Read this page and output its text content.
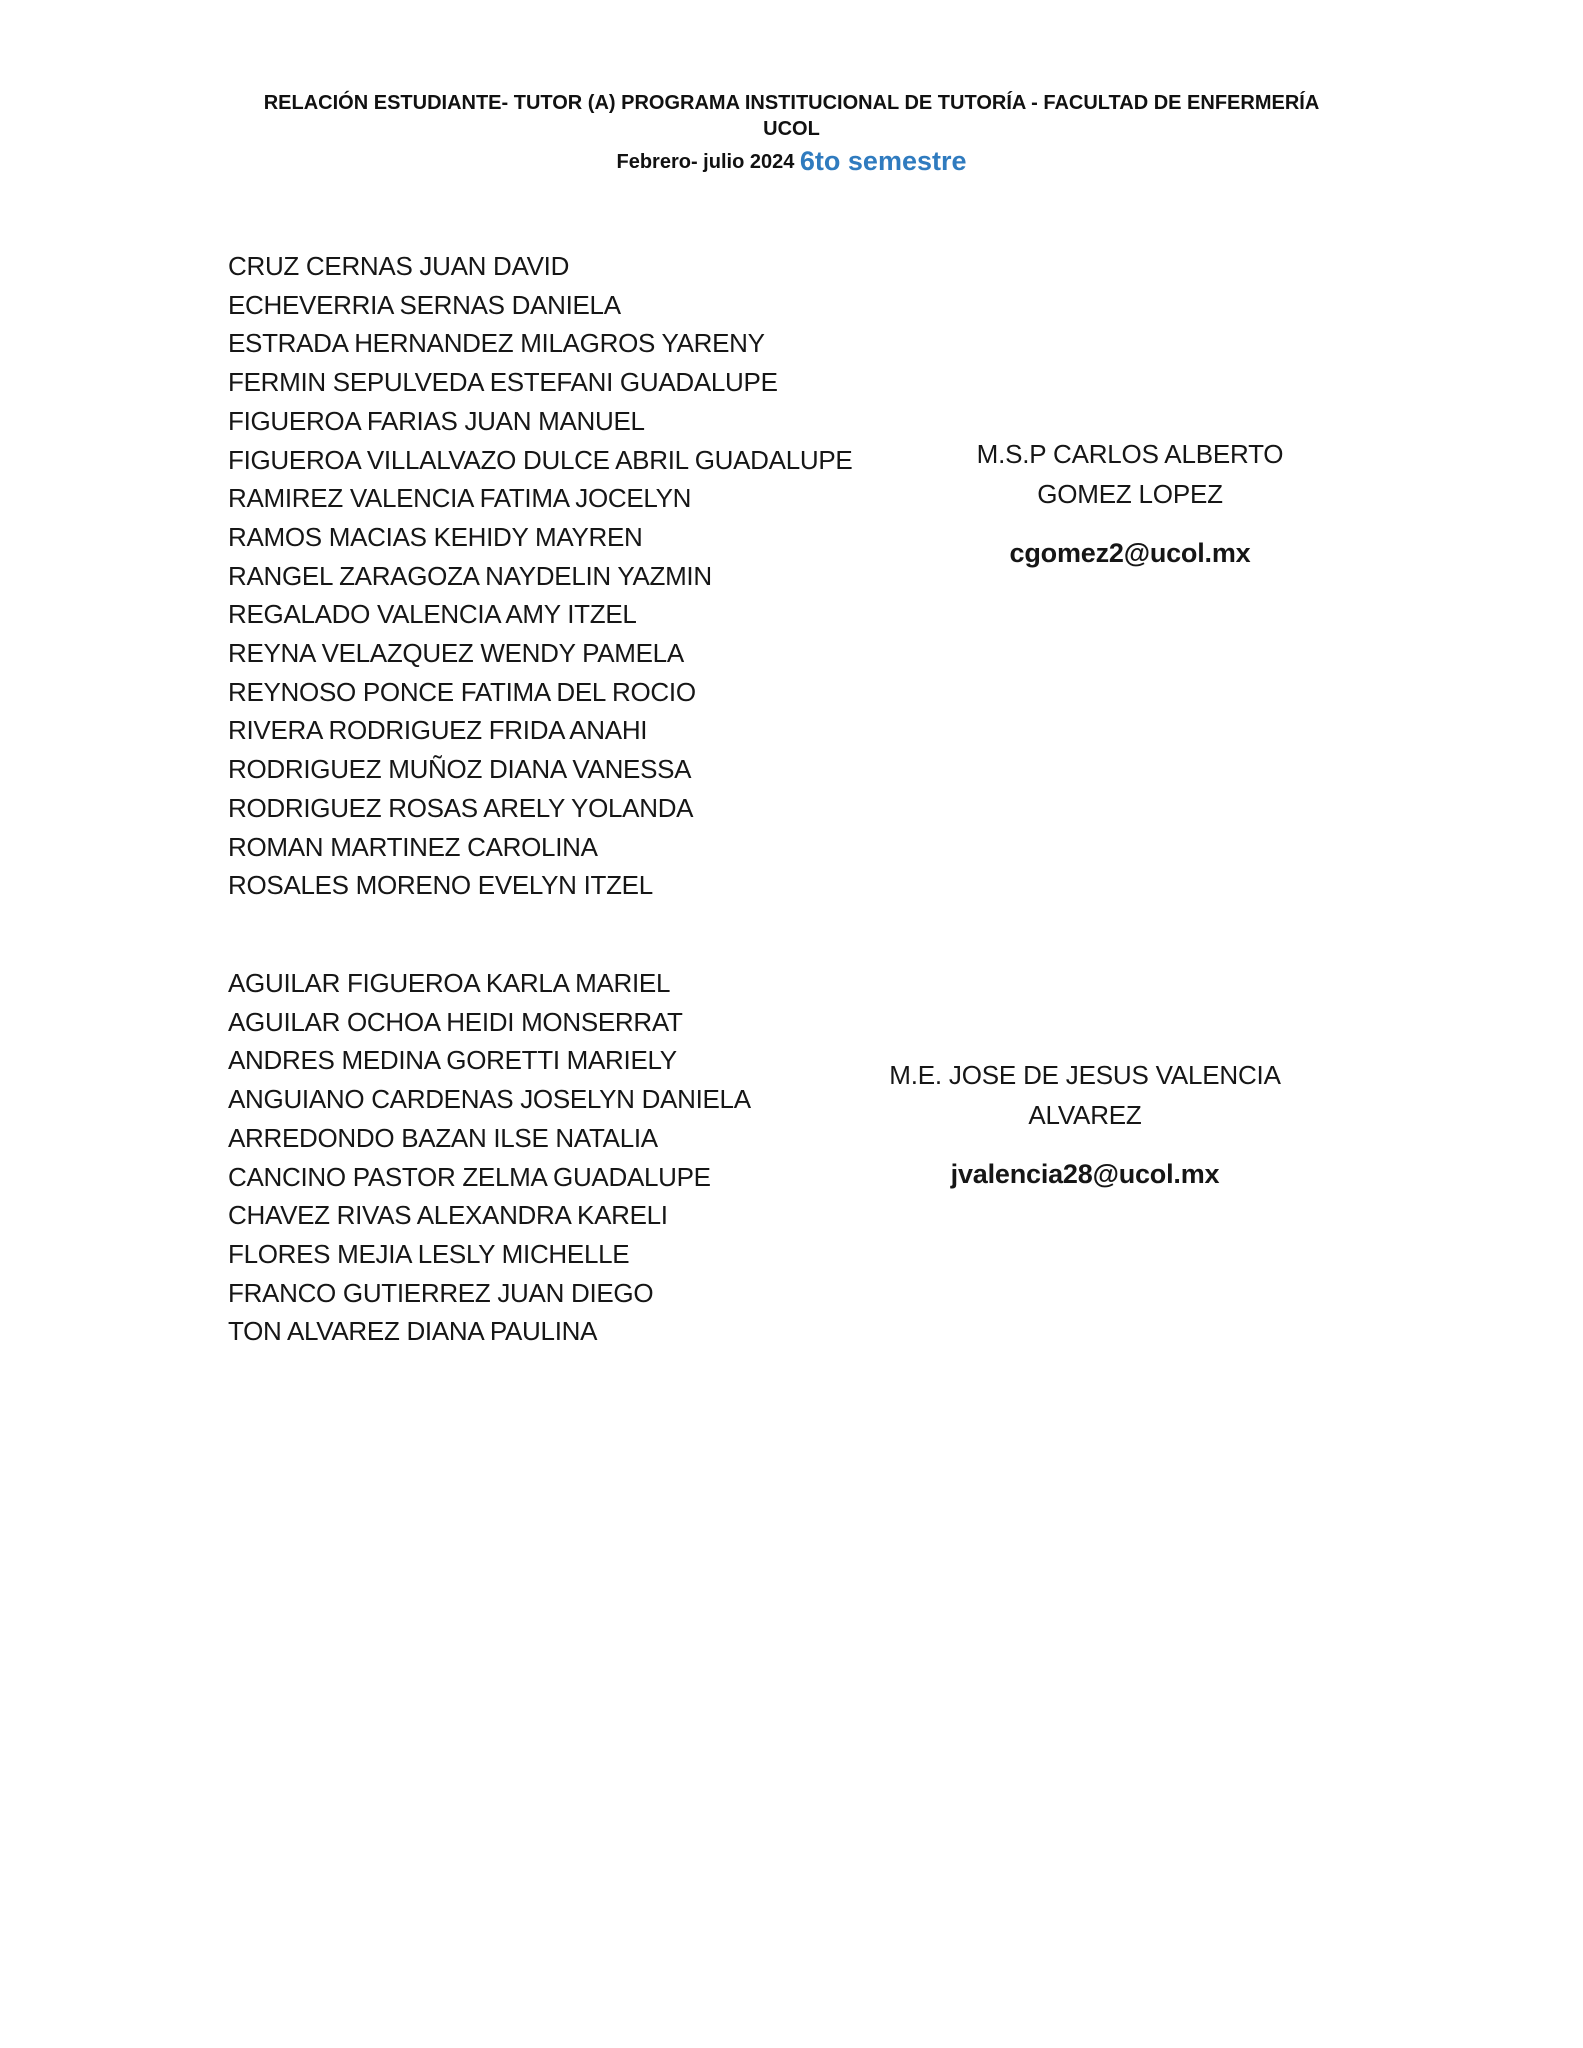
RELACIÓN ESTUDIANTE- TUTOR (A) PROGRAMA INSTITUCIONAL DE TUTORÍA - FACULTAD DE ENFERMERÍA
UCOL
Febrero- julio 2024 6to semestre
CRUZ CERNAS JUAN DAVID
ECHEVERRIA SERNAS DANIELA
ESTRADA HERNANDEZ MILAGROS YARENY
FERMIN SEPULVEDA ESTEFANI GUADALUPE
FIGUEROA FARIAS JUAN MANUEL
FIGUEROA VILLALVAZO DULCE ABRIL GUADALUPE
RAMIREZ VALENCIA FATIMA JOCELYN
RAMOS MACIAS KEHIDY MAYREN
RANGEL ZARAGOZA NAYDELIN YAZMIN
REGALADO VALENCIA AMY ITZEL
REYNA VELAZQUEZ WENDY PAMELA
REYNOSO PONCE FATIMA DEL ROCIO
RIVERA RODRIGUEZ FRIDA ANAHI
RODRIGUEZ MUÑOZ DIANA VANESSA
RODRIGUEZ ROSAS ARELY YOLANDA
ROMAN MARTINEZ CAROLINA
ROSALES MORENO EVELYN ITZEL
M.S.P CARLOS ALBERTO
GOMEZ LOPEZ
cgomez2@ucol.mx
AGUILAR FIGUEROA KARLA MARIEL
AGUILAR OCHOA HEIDI MONSERRAT
ANDRES MEDINA GORETTI MARIELY
ANGUIANO CARDENAS JOSELYN DANIELA
ARREDONDO BAZAN ILSE NATALIA
CANCINO PASTOR ZELMA GUADALUPE
CHAVEZ RIVAS ALEXANDRA KARELI
FLORES MEJIA LESLY MICHELLE
FRANCO GUTIERREZ JUAN DIEGO
TON ALVAREZ DIANA PAULINA
M.E. JOSE DE JESUS VALENCIA
ALVAREZ
jvalencia28@ucol.mx
